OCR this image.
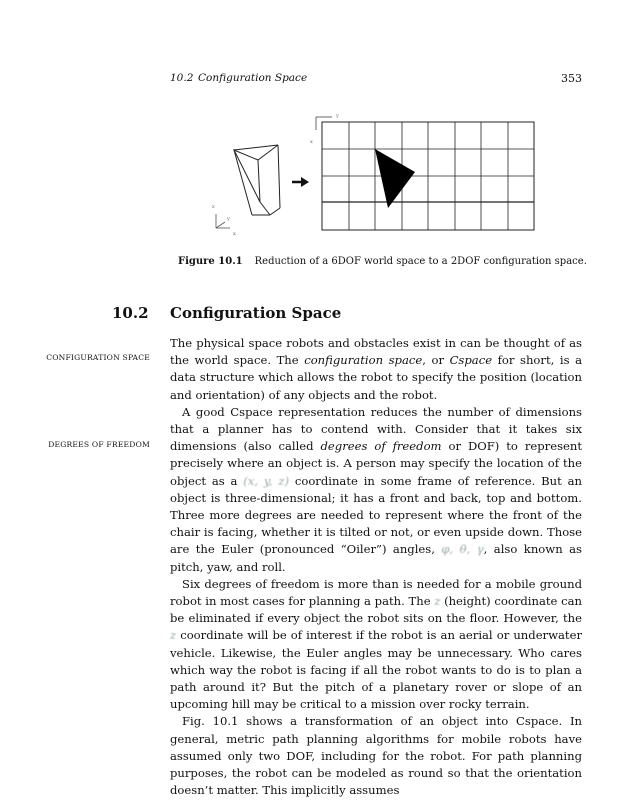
10.2 Configuration Space	353
z
y
x
y
x
Figure 10.1 Reduction of a 6DOF world space to a 2DOF configuration space.
10.2 Configuration Space
CONFIGURATION SPACE
DEGREES OF FREEDOM

The physical space robots and obstacles exist in can be thought of as the world space. The configuration space, or Cspace for short, is a data structure which allows the robot to specify the position (location and orientation) of any objects and the robot.

A good Cspace representation reduces the number of dimensions that a planner has to contend with. Consider that it takes six dimensions (also called degrees of freedom or DOF) to represent precisely where an object is. A person may specify the location of the object as a (x, y, z) coordinate in some frame of reference. But an object is three-dimensional; it has a front and back, top and bottom. Three more degrees are needed to represent where the front of the chair is facing, whether it is tilted or not, or even upside down. Those are the Euler (pronounced “Oiler”) angles, φ, θ, γ, also known as pitch, yaw, and roll.

Six degrees of freedom is more than is needed for a mobile ground robot in most cases for planning a path. The z (height) coordinate can be eliminated if every object the robot sits on the floor. However, the z coordinate will be of interest if the robot is an aerial or underwater vehicle. Likewise, the Euler angles may be unnecessary. Who cares which way the robot is facing if all the robot wants to do is to plan a path around it? But the pitch of a planetary rover or slope of an upcoming hill may be critical to a mission over rocky terrain.

Fig. 10.1 shows a transformation of an object into Cspace. In general, metric path planning algorithms for mobile robots have assumed only two DOF, including for the robot. For path planning purposes, the robot can be modeled as round so that the orientation doesn’t matter. This implicitly assumes
